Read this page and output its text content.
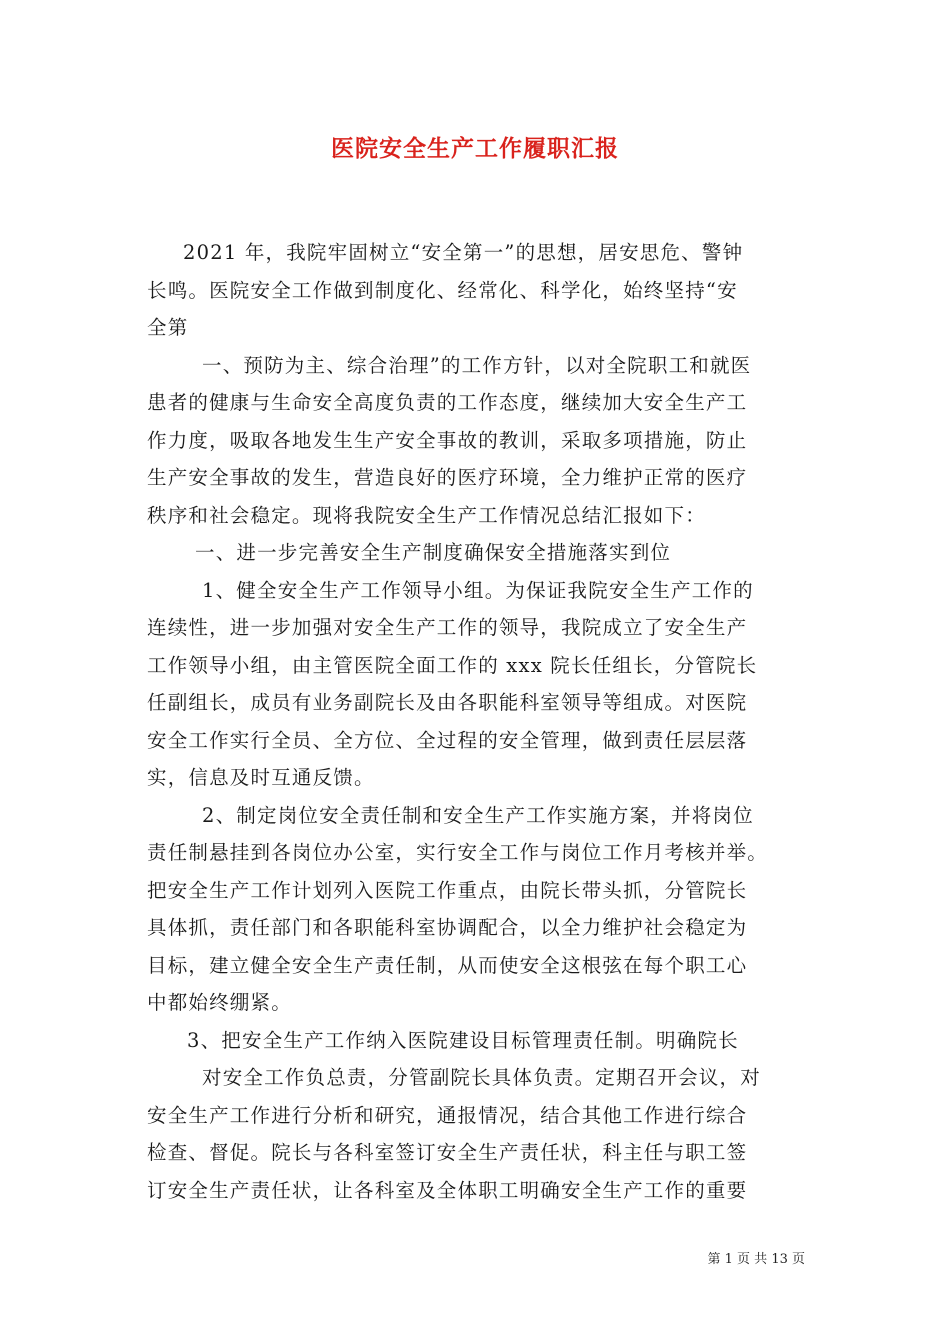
医院安全生产工作履职汇报
2021 年，我院牢固树立“安全第一”的思想，居安思危、警钟
长鸣。医院安全工作做到制度化、经常化、科学化，始终坚持“安
全第
一、预防为主、综合治理”的工作方针，以对全院职工和就医
患者的健康与生命安全高度负责的工作态度，继续加大安全生产工
作力度，吸取各地发生生产安全事故的教训，采取多项措施，防止
生产安全事故的发生，营造良好的医疗环境，全力维护正常的医疗
秩序和社会稳定。现将我院安全生产工作情况总结汇报如下：
一、进一步完善安全生产制度确保安全措施落实到位
1、健全安全生产工作领导小组。为保证我院安全生产工作的
连续性，进一步加强对安全生产工作的领导，我院成立了安全生产
工作领导小组，由主管医院全面工作的 xxx 院长任组长，分管院长
任副组长，成员有业务副院长及由各职能科室领导等组成。对医院
安全工作实行全员、全方位、全过程的安全管理，做到责任层层落
实，信息及时互通反馈。
2、制定岗位安全责任制和安全生产工作实施方案，并将岗位
责任制悬挂到各岗位办公室，实行安全工作与岗位工作月考核并举。
把安全生产工作计划列入医院工作重点，由院长带头抓，分管院长
具体抓，责任部门和各职能科室协调配合，以全力维护社会稳定为
目标，建立健全安全生产责任制，从而使安全这根弦在每个职工心
中都始终绷紧。
3、把安全生产工作纳入医院建设目标管理责任制。明确院长
对安全工作负总责，分管副院长具体负责。定期召开会议，对
安全生产工作进行分析和研究，通报情况，结合其他工作进行综合
检查、督促。院长与各科室签订安全生产责任状，科主任与职工签
订安全生产责任状，让各科室及全体职工明确安全生产工作的重要
第 1 页 共 13 页
